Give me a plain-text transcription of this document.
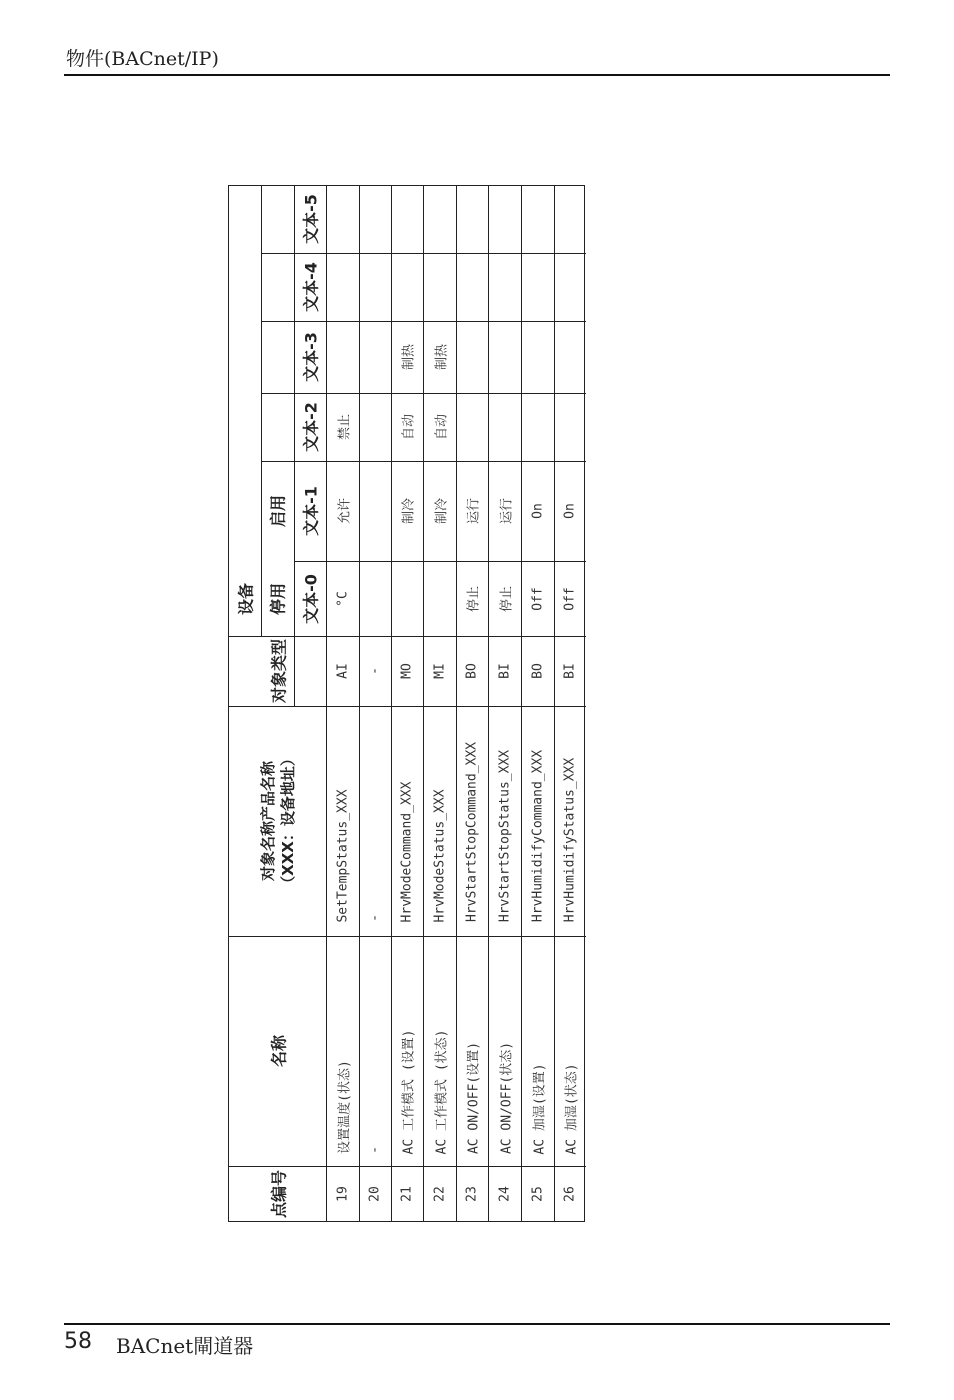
物件(BACnet/IP)
设备 停用
启用
文本-0
文本-1
文本-2
文本-3
文本-4
文本-5
对象类型
对象名称产品名称
（XXX：设备地址）
名称
点编号	19
设置温度(状态)
SetTempStatus_XXX
AI
°C
允许
禁止
20
-
-
-
21
AC 工作模式 (设置)
HrvModeCommand_XXX
MO
制冷
自动
制热
22
AC 工作模式 (状态)
HrvModeStatus_XXX
MI
制冷
自动
制热
23
AC ON/OFF(设置)
HrvStartStopCommand_XXX
BO
停止
运行
24
AC ON/OFF(状态)
HrvStartStopStatus_XXX
BI
停止
运行
25
AC 加湿(设置)
HrvHumidifyCommand_XXX
BO
Off
On
26
AC 加湿(状态)
HrvHumidifyStatus_XXX
BI
Off
On
58 BACnet閘道器
